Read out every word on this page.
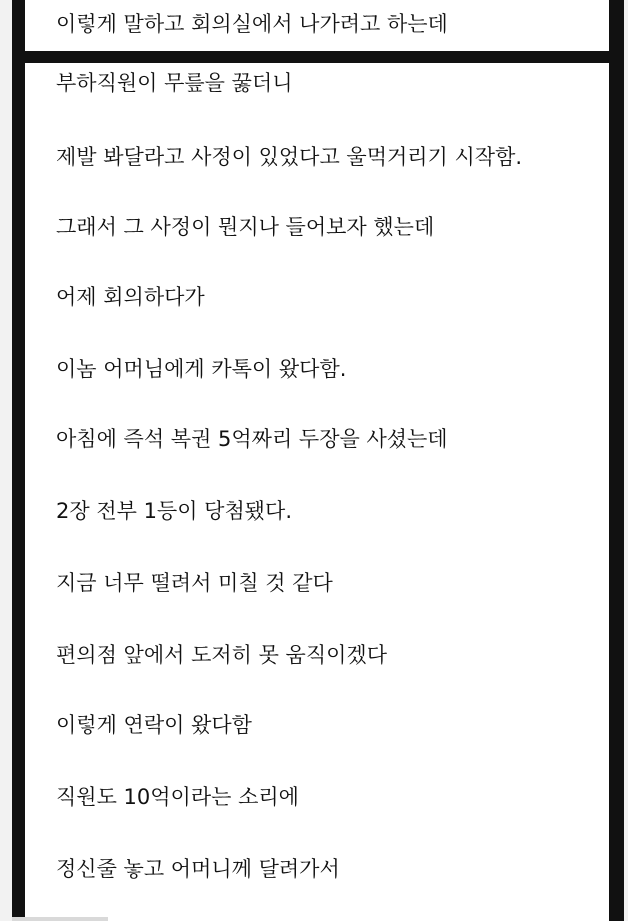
이렇게 말하고 회의실에서 나가려고 하는데

부하직원이 무릎을 꿇더니

제발 봐달라고 사정이 있었다고 울먹거리기 시작함.

그래서 그 사정이 뭔지나 들어보자 했는데

어제 회의하다가

이놈 어머님에게 카톡이 왔다함.

아침에 즉석 복권 5억짜리 두장을 사셨는데

2장 전부 1등이 당첨됐다.

지금 너무 떨려서 미칠 것 같다

편의점 앞에서 도저히 못 움직이겠다

이렇게 연락이 왔다함

직원도 10억이라는 소리에

정신줄 놓고 어머니께 달려가서
